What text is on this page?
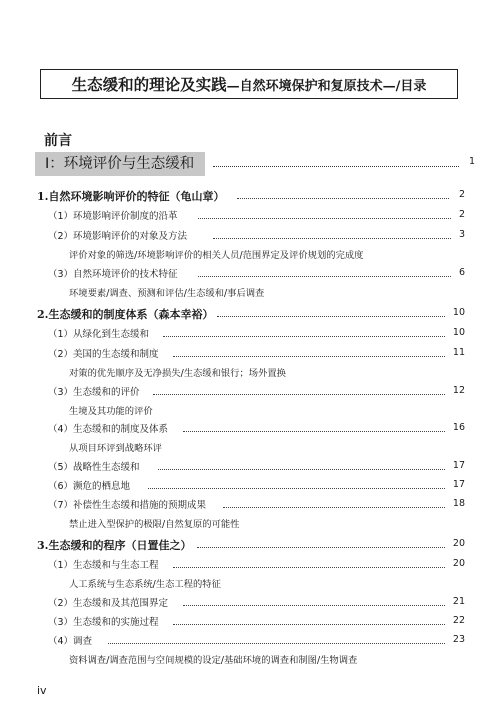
生态缓和的理论及实践 —自然环境保护和复原技术—/目录
前言
Ⅰ：环境评价与生态缓和	1
1.自然环境影响评价的特征（龟山章）	2
（1）环境影响评价制度的沿革	2
（2）环境影响评价的对象及方法	3
评价对象的筛选/环境影响评价的相关人员/范围界定及评价规划的完成度
（3）自然环境评价的技术特征	6
环境要素/调查、预测和评估/生态缓和/事后调查
2.生态缓和的制度体系（森本幸裕）	10
（1）从绿化到生态缓和	10
（2）美国的生态缓和制度	11
对策的优先顺序及无净损失/生态缓和银行；场外置换
（3）生态缓和的评价	12
生境及其功能的评价
（4）生态缓和的制度及体系	16
从项目环评到战略环评
（5）战略性生态缓和	17
（6）濒危的栖息地	17
（7）补偿性生态缓和措施的预期成果	18
禁止进入型保护的极限/自然复原的可能性
3.生态缓和的程序（日置佳之）	20
（1）生态缓和与生态工程	20
人工系统与生态系统/生态工程的特征
（2）生态缓和及其范围界定	21
（3）生态缓和的实施过程	22
（4）调查	23
资料调查/调查范围与空间规模的设定/基础环境的调查和制图/生物调查
iv
